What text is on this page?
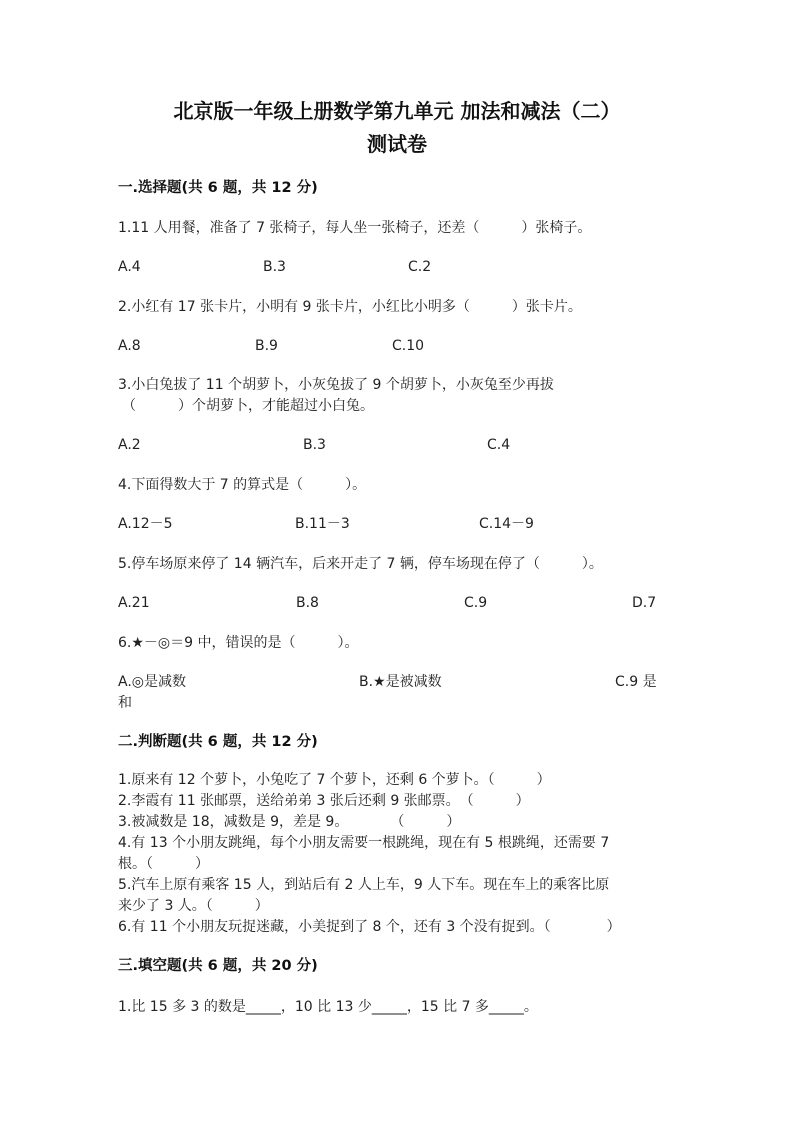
北京版一年级上册数学第九单元 加法和减法（二）
测试卷
一.选择题(共 6 题，共 12 分)
1.11 人用餐，准备了 7 张椅子，每人坐一张椅子，还差（　　　）张椅子。
A.4	B.3	C.2
2.小红有 17 张卡片，小明有 9 张卡片，小红比小明多（　　　）张卡片。
A.8	B.9	C.10
3.小白兔拔了 11 个胡萝卜，小灰兔拔了 9 个胡萝卜，小灰兔至少再拔
（　　　）个胡萝卜，才能超过小白兔。
A.2	B.3	C.4
4.下面得数大于 7 的算式是（　　　）。
A.12－5	B.11－3	C.14－9
5.停车场原来停了 14 辆汽车，后来开走了 7 辆，停车场现在停了（　　　）。
A.21	B.8	C.9	D.7
6.★－◎＝9 中，错误的是（　　　）。
A.◎是减数	B.★是被减数	C.9 是
和
二.判断题(共 6 题，共 12 分)
1.原来有 12 个萝卜，小兔吃了 7 个萝卜，还剩 6 个萝卜。（　　　）
2.李霞有 11 张邮票，送给弟弟 3 张后还剩 9 张邮票。　（　　　）
3.被减数是 18，减数是 9，差是 9。　　　　（　　　）
4.有 13 个小朋友跳绳，每个小朋友需要一根跳绳，现在有 5 根跳绳，还需要 7
根。（　　　）
5.汽车上原有乘客 15 人，到站后有 2 人上车，9 人下车。现在车上的乘客比原
来少了 3 人。（　　　）
6.有 11 个小朋友玩捉迷藏，小美捉到了 8 个，还有 3 个没有捉到。（　　　　）
三.填空题(共 6 题，共 20 分)
1.比 15 多 3 的数是_____，10 比 13 少_____，15 比 7 多_____。
